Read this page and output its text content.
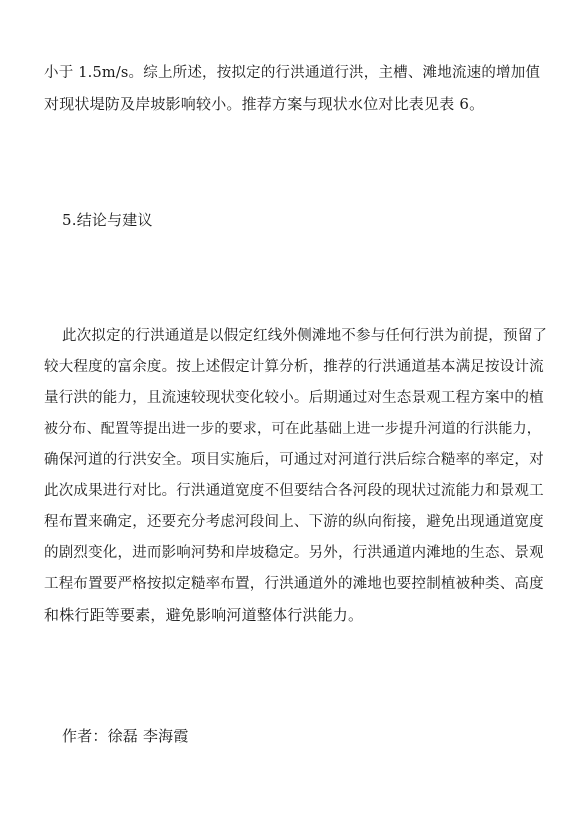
小于 1.5m/s。综上所述，按拟定的行洪通道行洪，主槽、滩地流速的增加值
对现状堤防及岸坡影响较小。推荐方案与现状水位对比表见表 6。
5.结论与建议
此次拟定的行洪通道是以假定红线外侧滩地不参与任何行洪为前提，预留了
较大程度的富余度。按上述假定计算分析，推荐的行洪通道基本满足按设计流
量行洪的能力，且流速较现状变化较小。后期通过对生态景观工程方案中的植
被分布、配置等提出进一步的要求，可在此基础上进一步提升河道的行洪能力，
确保河道的行洪安全。项目实施后，可通过对河道行洪后综合糙率的率定，对
此次成果进行对比。行洪通道宽度不但要结合各河段的现状过流能力和景观工
程布置来确定，还要充分考虑河段间上、下游的纵向衔接，避免出现通道宽度
的剧烈变化，进而影响河势和岸坡稳定。另外，行洪通道内滩地的生态、景观
工程布置要严格按拟定糙率布置，行洪通道外的滩地也要控制植被种类、高度
和株行距等要素，避免影响河道整体行洪能力。
作者：徐磊 李海霞
